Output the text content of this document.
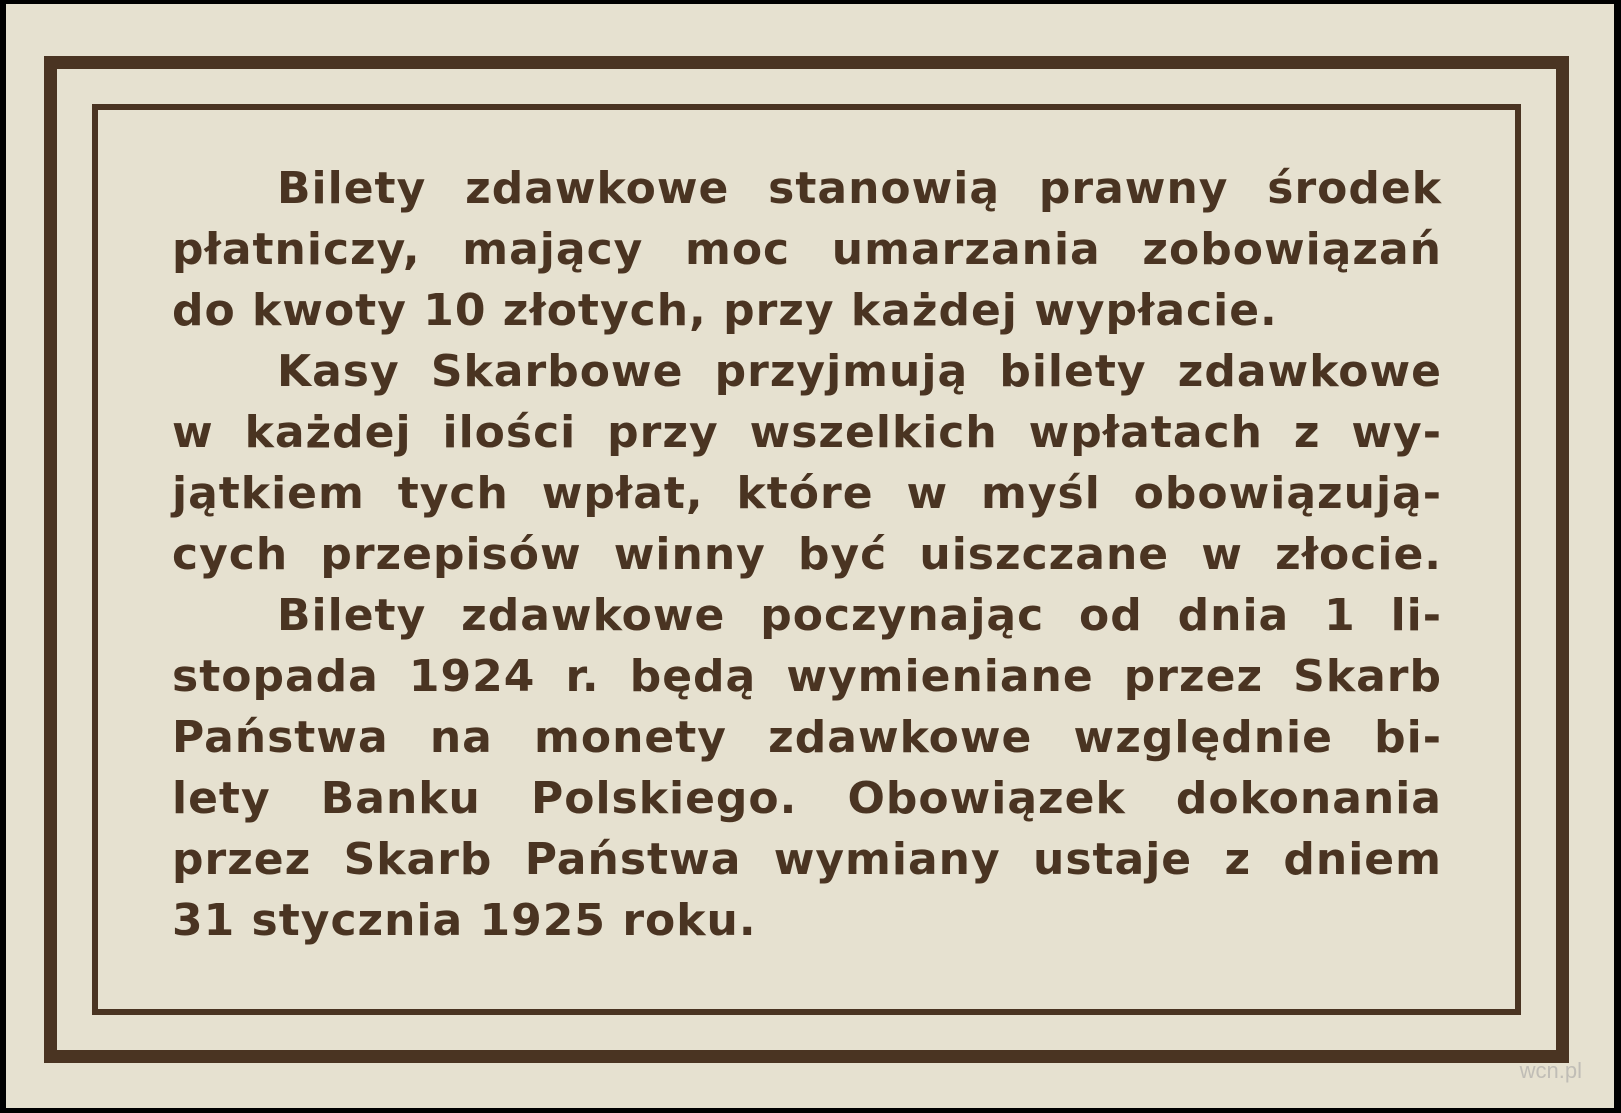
Bilety zdawkowe stanowią prawny środek
płatniczy, mający moc umarzania zobowiązań
do kwoty 10 złotych, przy każdej wypłacie.
Kasy Skarbowe przyjmują bilety zdawkowe
w każdej ilości przy wszelkich wpłatach z wy-
jątkiem tych wpłat, które w myśl obowiązują-
cych przepisów winny być uiszczane w złocie.
Bilety zdawkowe poczynając od dnia 1 li-
stopada 1924 r. będą wymieniane przez Skarb
Państwa na monety zdawkowe względnie bi-
lety Banku Polskiego. Obowiązek dokonania
przez Skarb Państwa wymiany ustaje z dniem
31 stycznia 1925 roku.
wcn.pl
